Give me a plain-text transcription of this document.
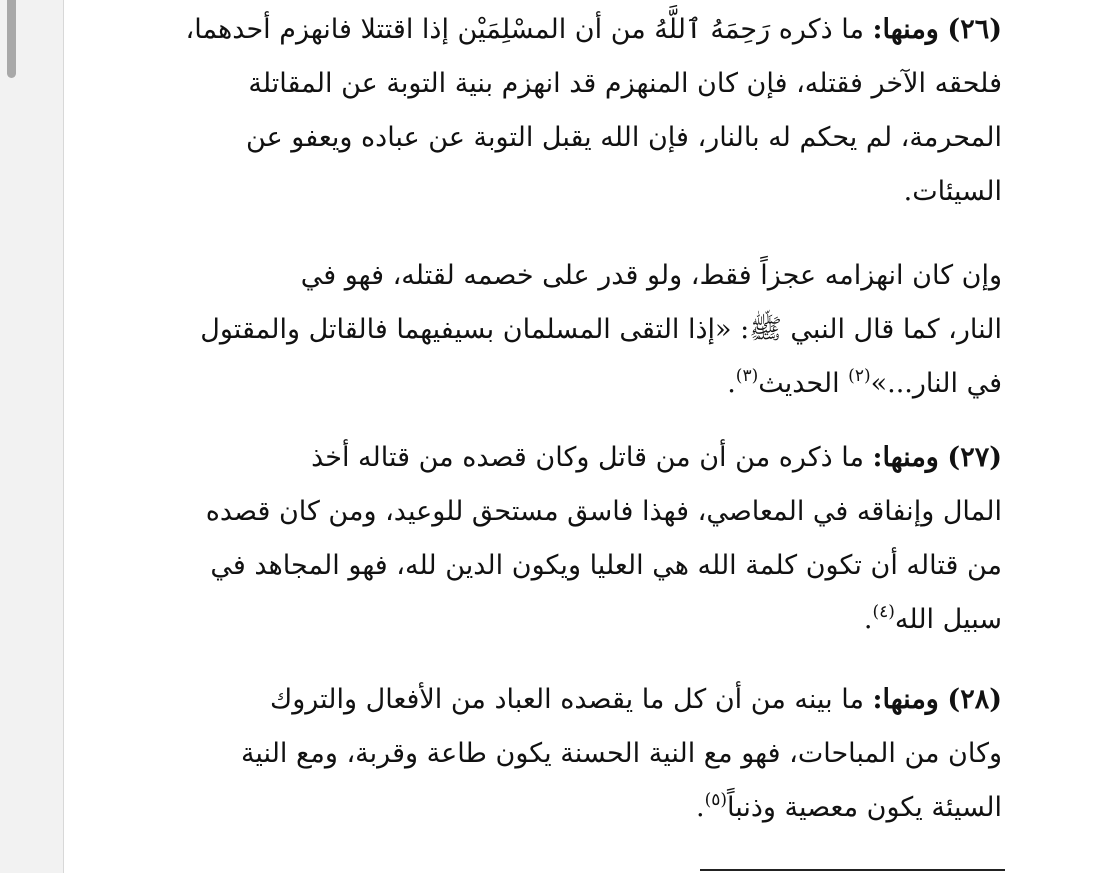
(٢٦) ومنها: ما ذكره رَحِمَهُ ٱللَّهُ من أن المسْلِمَيْن إذا اقتتلا فانهزم أحدهما،
فلحقه الآخر فقتله، فإن كان المنهزم قد انهزم بنية التوبة عن المقاتلة
المحرمة، لم يحكم له بالنار، فإن الله يقبل التوبة عن عباده ويعفو عن
السيئات.
وإن كان انهزامه عجزاً فقط، ولو قدر على خصمه لقتله، فهو في
النار، كما قال النبي ﷺ: «إذا التقى المسلمان بسيفيهما فالقاتل والمقتول
في النار...»$^{(٢)}$ الحديث$^{(٣)}$.
(٢٧) ومنها: ما ذكره من أن من قاتل وكان قصده من قتاله أخذ
المال وإنفاقه في المعاصي، فهذا فاسق مستحق للوعيد، ومن كان قصده
من قتاله أن تكون كلمة الله هي العليا ويكون الدين لله، فهو المجاهد في
سبيل الله$^{(٤)}$.
(٢٨) ومنها: ما بينه من أن كل ما يقصده العباد من الأفعال والتروك
وكان من المباحات، فهو مع النية الحسنة يكون طاعة وقربة، ومع النية
السيئة يكون معصية وذنباً$^{(٥)}$.
